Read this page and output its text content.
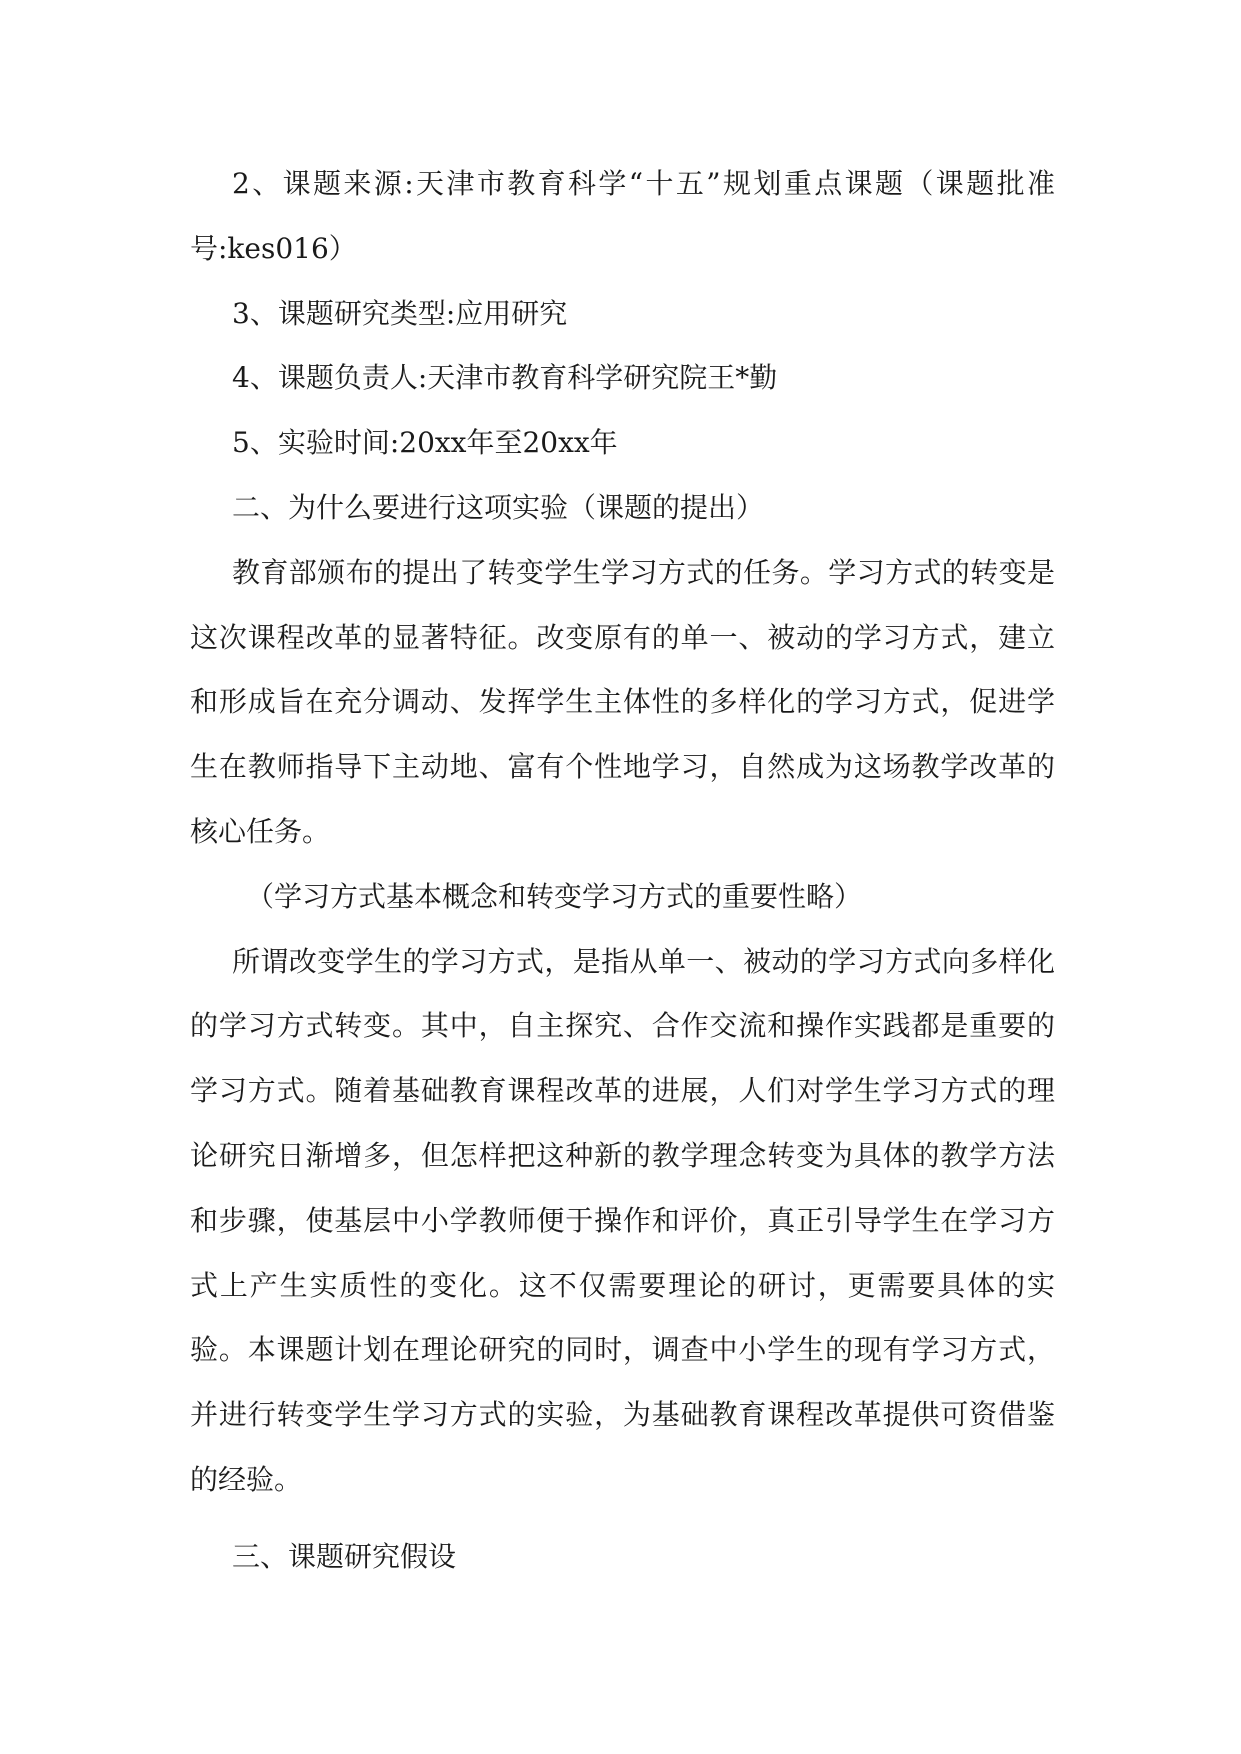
2、课题来源:天津市教育科学“十五”规划重点课题（课题批准号:kes016）

3、课题研究类型:应用研究

4、课题负责人:天津市教育科学研究院王*勤

5、实验时间:20xx年至20xx年

二、为什么要进行这项实验（课题的提出）

教育部颁布的提出了转变学生学习方式的任务。学习方式的转变是这次课程改革的显著特征。改变原有的单一、被动的学习方式，建立和形成旨在充分调动、发挥学生主体性的多样化的学习方式，促进学生在教师指导下主动地、富有个性地学习，自然成为这场教学改革的核心任务。

（学习方式基本概念和转变学习方式的重要性略）

所谓改变学生的学习方式，是指从单一、被动的学习方式向多样化的学习方式转变。其中，自主探究、合作交流和操作实践都是重要的学习方式。随着基础教育课程改革的进展，人们对学生学习方式的理论研究日渐增多，但怎样把这种新的教学理念转变为具体的教学方法和步骤，使基层中小学教师便于操作和评价，真正引导学生在学习方式上产生实质性的变化。这不仅需要理论的研讨，更需要具体的实验。本课题计划在理论研究的同时，调查中小学生的现有学习方式，并进行转变学生学习方式的实验，为基础教育课程改革提供可资借鉴的经验。

三、课题研究假设
